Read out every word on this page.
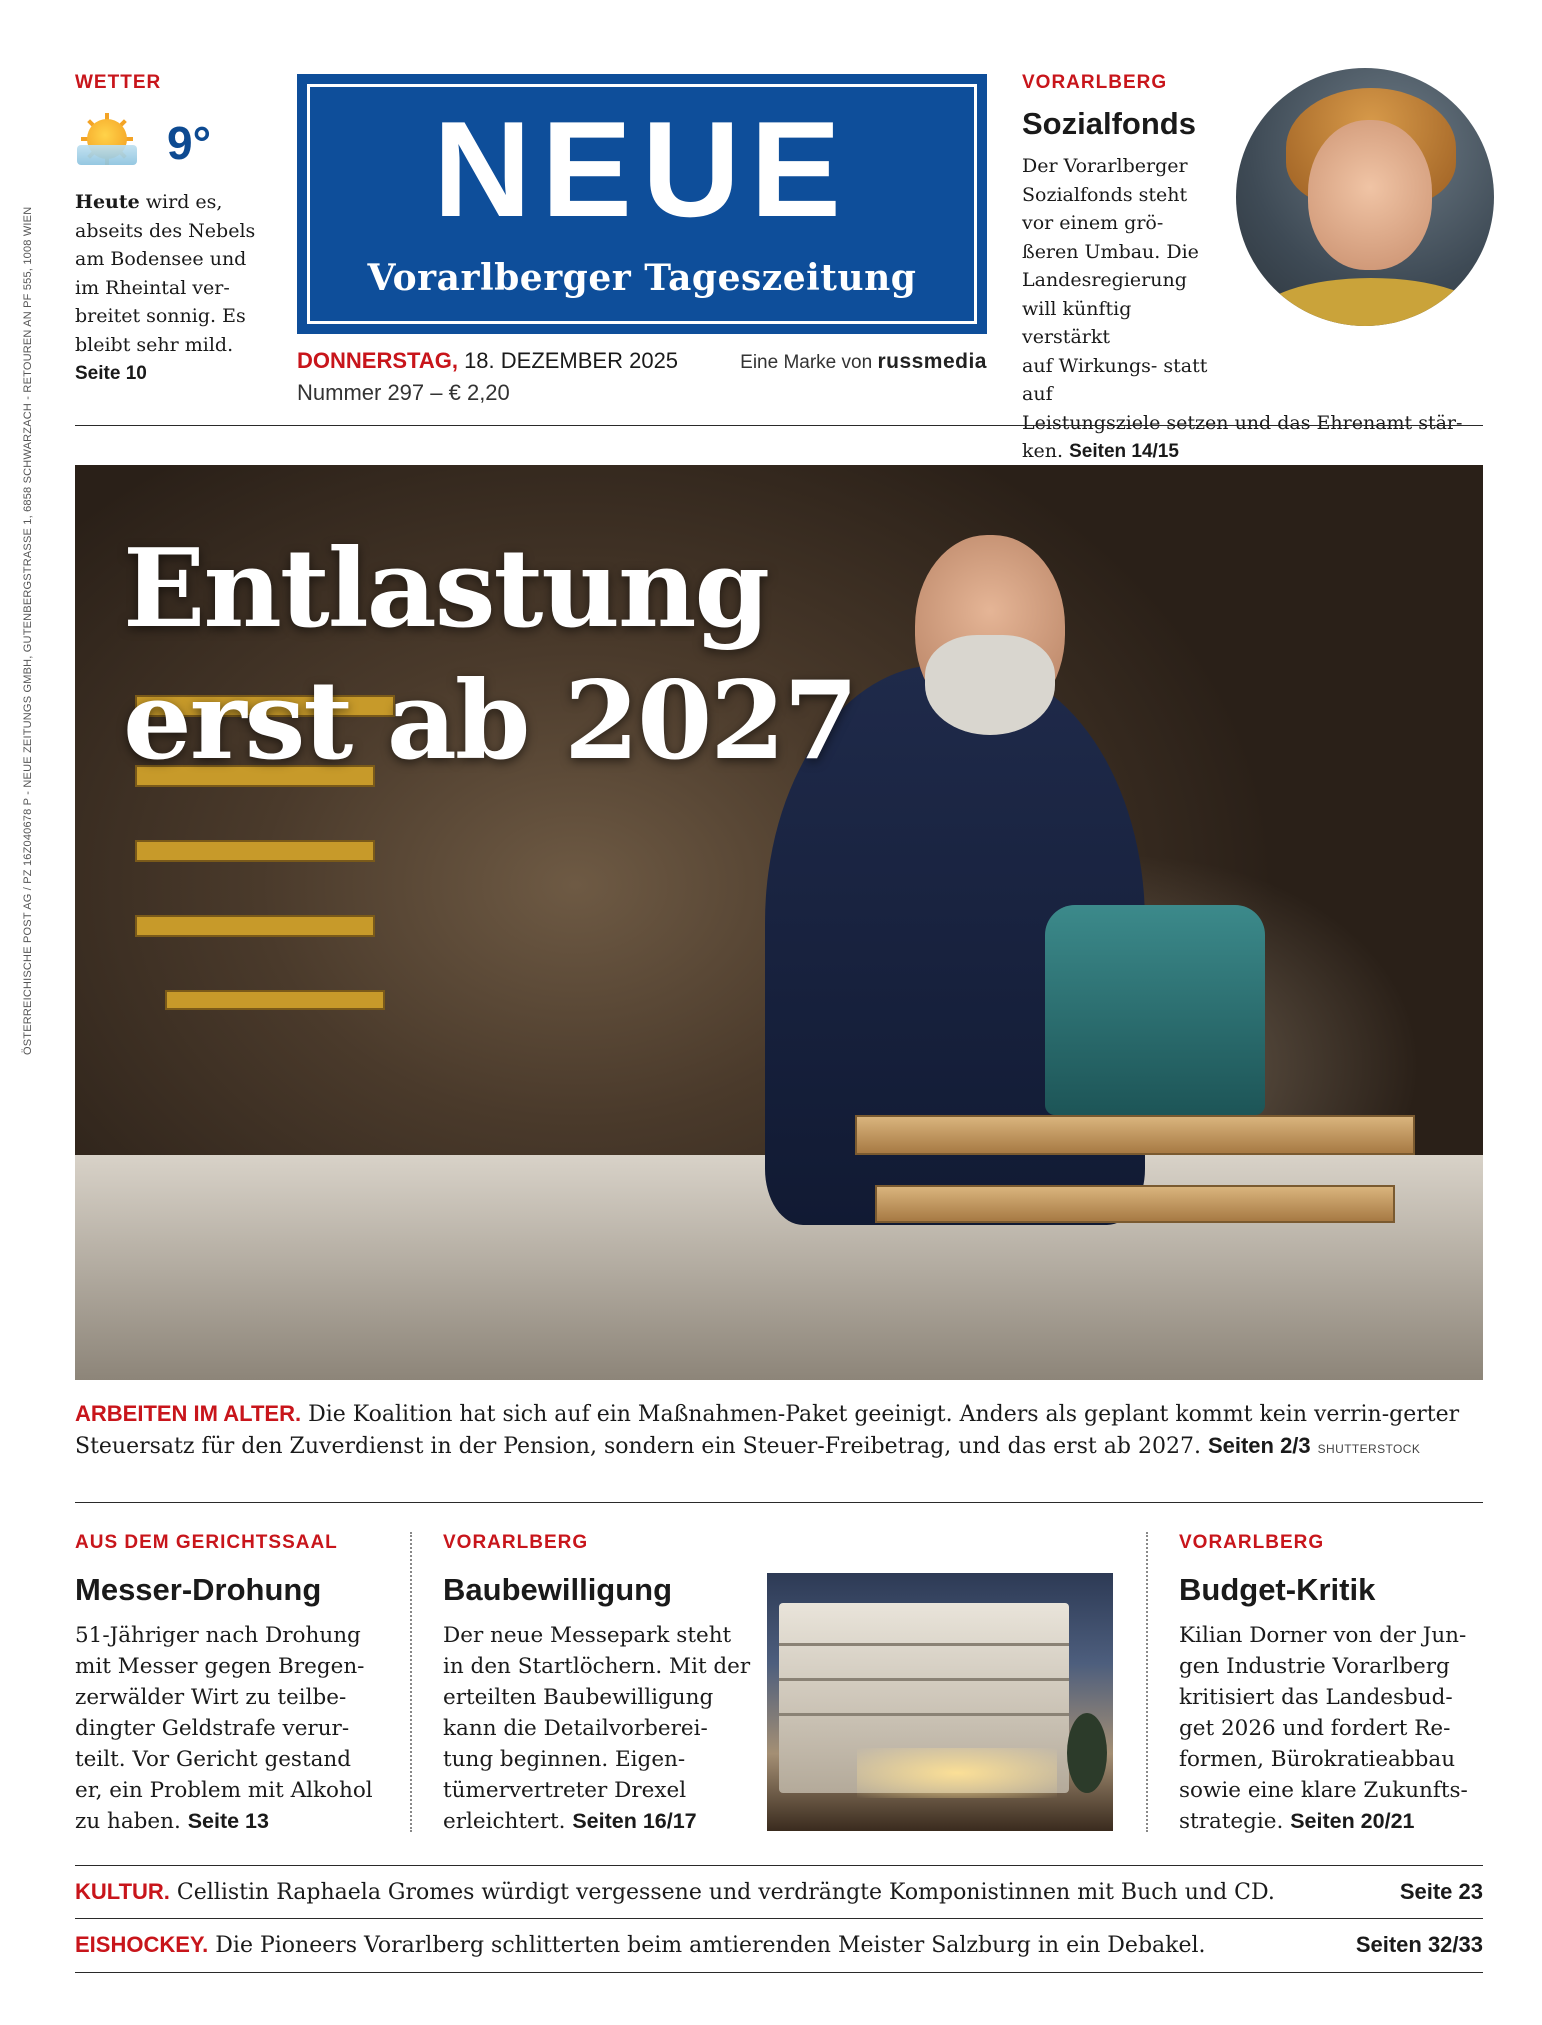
ÖSTERREICHISCHE POST AG / PZ 16Z040678 P - NEUE ZEITUNGS GMBH, GUTENBERGSTRASSE 1, 6858 SCHWARZACH - RETOUREN AN PF 555, 1008 WIEN
WETTER
9°
Heute wird es,
abseits des Nebels
am Bodensee und
im Rheintal ver-
breitet sonnig. Es
bleibt sehr mild.
Seite 10
NEUE
Vorarlberger Tageszeitung
DONNERSTAG, 18. DEZEMBER 2025
Nummer 297 – € 2,20
Eine Marke von russmedia
VORARLBERG
Sozialfonds
Der Vorarlberger
Sozialfonds steht
vor einem grö-
ßeren Umbau. Die
Landesregierung
will künftig verstärkt
auf Wirkungs- statt auf
Leistungsziele setzen und das Ehrenamt stär-
ken. Seiten 14/15
Entlastung
erst ab 2027
ARBEITEN IM ALTER. Die Koalition hat sich auf ein Maßnahmen-Paket geeinigt. Anders als geplant kommt kein verrin-gerter Steuersatz für den Zuverdienst in der Pension, sondern ein Steuer-Freibetrag, und das erst ab 2027. Seiten 2/3 SHUTTERSTOCK
AUS DEM GERICHTSSAAL
Messer-Drohung
51-Jähriger nach Drohung
mit Messer gegen Bregen-
zerwälder Wirt zu teilbe-
dingter Geldstrafe verur-
teilt. Vor Gericht gestand
er, ein Problem mit Alkohol
zu haben. Seite 13
VORARLBERG
Baubewilligung
Der neue Messepark steht
in den Startlöchern. Mit der
erteilten Baubewilligung
kann die Detailvorberei-
tung beginnen. Eigen-
tümervertreter Drexel
erleichtert. Seiten 16/17
VORARLBERG
Budget-Kritik
Kilian Dorner von der Jun-
gen Industrie Vorarlberg
kritisiert das Landesbud-
get 2026 und fordert Re-
formen, Bürokratieabbau
sowie eine klare Zukunfts-
strategie. Seiten 20/21
KULTUR. Cellistin Raphaela Gromes würdigt vergessene und verdrängte Komponistinnen mit Buch und CD.	Seite 23
EISHOCKEY. Die Pioneers Vorarlberg schlitterten beim amtierenden Meister Salzburg in ein Debakel.	Seiten 32/33
